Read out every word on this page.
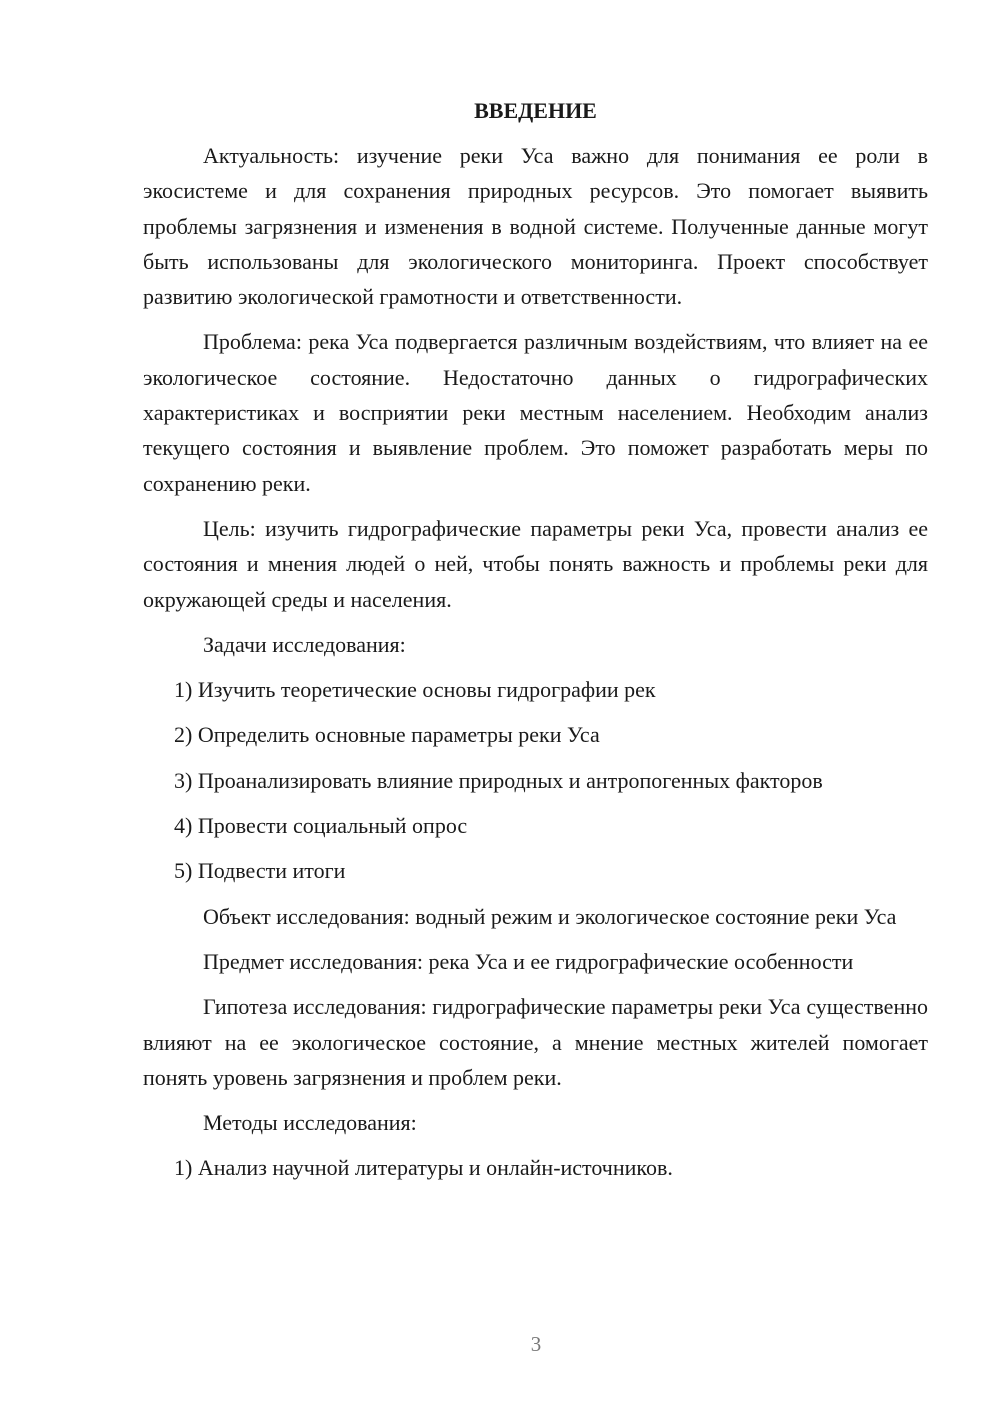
ВВЕДЕНИЕ

Актуальность: изучение реки Уса важно для понимания ее роли в экосистеме и для сохранения природных ресурсов. Это помогает выявить проблемы загрязнения и изменения в водной системе. Полученные данные могут быть использованы для экологического мониторинга. Проект способствует развитию экологической грамотности и ответственности.

Проблема: река Уса подвергается различным воздействиям, что влияет на ее экологическое состояние. Недостаточно данных о гидрографических характеристиках и восприятии реки местным населением. Необходим анализ текущего состояния и выявление проблем. Это поможет разработать меры по сохранению реки.

Цель: изучить гидрографические параметры реки Уса, провести анализ ее состояния и мнения людей о ней, чтобы понять важность и проблемы реки для окружающей среды и населения.

Задачи исследования:

1) Изучить теоретические основы гидрографии рек
2) Определить основные параметры реки Уса
3) Проанализировать влияние природных и антропогенных факторов
4) Провести социальный опрос
5) Подвести итоги

Объект исследования: водный режим и экологическое состояние реки Уса

Предмет исследования: река Уса и ее гидрографические особенности

Гипотеза исследования: гидрографические параметры реки Уса существенно влияют на ее экологическое состояние, а мнение местных жителей помогает понять уровень загрязнения и проблем реки.

Методы исследования:

1) Анализ научной литературы и онлайн-источников.
3
